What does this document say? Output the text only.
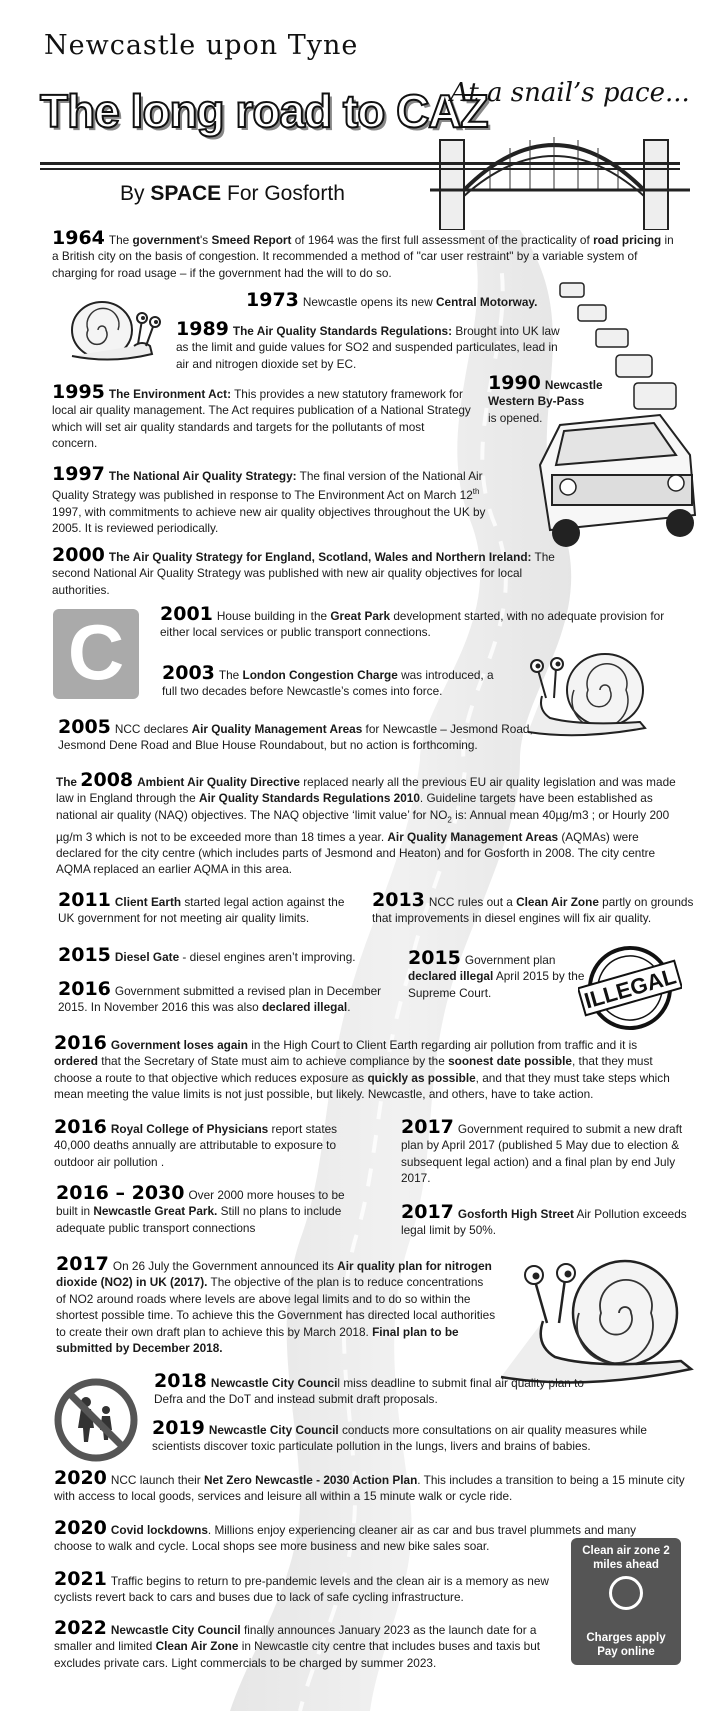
Newcastle upon Tyne
The long road to CAZ
At a snail’s pace...
By SPACE For Gosforth
1964 The government's Smeed Report of 1964 was the first full assessment of the practicality of road pricing in a British city on the basis of congestion. It recommended a method of "car user restraint" by a variable system of charging for road usage – if the government had the will to do so.
1973 Newcastle opens its new Central Motorway.
1989 The Air Quality Standards Regulations: Brought into UK law as the limit and guide values for SO2 and suspended particulates, lead in air and nitrogen dioxide set by EC.
1990 Newcastle Western By-Pass
is opened.
1995 The Environment Act: This provides a new statutory framework for local air quality management. The Act requires publication of a National Strategy which will set air quality standards and targets for the pollutants of most concern.
1997 The National Air Quality Strategy: The final version of the National Air Quality Strategy was published in response to The Environment Act on March 12th 1997, with commitments to achieve new air quality objectives throughout the UK by 2005. It is reviewed periodically.
2000 The Air Quality Strategy for England, Scotland, Wales and Northern Ireland: The second National Air Quality Strategy was published with new air quality objectives for local authorities.
C	2001 House building in the Great Park development started, with no adequate provision for either local services or public transport connections.
2003 The London Congestion Charge was introduced, a full two decades before Newcastle’s comes into force.
2005 NCC declares Air Quality Management Areas for Newcastle – Jesmond Road, Jesmond Dene Road and Blue House Roundabout, but no action is forthcoming.
The 2008 Ambient Air Quality Directive replaced nearly all the previous EU air quality legislation and was made law in England through the Air Quality Standards Regulations 2010. Guideline targets have been established as national air quality (NAQ) objectives. The NAQ objective ‘limit value’ for $NO_2$ is: Annual mean 40µg/m3 ; or Hourly 200 µg/m 3 which is not to be exceeded more than 18 times a year. Air Quality Management Areas (AQMAs) were declared for the city centre (which includes parts of Jesmond and Heaton) and for Gosforth in 2008. The city centre AQMA replaced an earlier AQMA in this area.
2011 Client Earth started legal action against the UK government for not meeting air quality limits.
2013 NCC rules out a Clean Air Zone partly on grounds that improvements in diesel engines will fix air quality.
2015 Diesel Gate - diesel engines aren’t improving.	2015 Government plan declared illegal April 2015 by the Supreme Court.	ILLEGAL
2016 Government submitted a revised plan in December 2015. In November 2016 this was also declared illegal.
2016 Government loses again in the High Court to Client Earth regarding air pollution from traffic and it is ordered that the Secretary of State must aim to achieve compliance by the soonest date possible, that they must choose a route to that objective which reduces exposure as quickly as possible, and that they must take steps which mean meeting the value limits is not just possible, but likely. Newcastle, and others, have to take action.
2016 Royal College of Physicians report states 40,000 deaths annually are attributable to exposure to outdoor air pollution .
2017 Government required to submit a new draft plan by April 2017 (published 5 May due to election & subsequent legal action) and a final plan by end July 2017.
2016 – 2030 Over 2000 more houses to be built in Newcastle Great Park. Still no plans to include adequate public transport connections
2017 Gosforth High Street Air Pollution exceeds legal limit by 50%.
2017 On 26 July the Government announced its Air quality plan for nitrogen dioxide (NO2) in UK (2017). The objective of the plan is to reduce concentrations of NO2 around roads where levels are above legal limits and to do so within the shortest possible time. To achieve this the Government has directed local authorities to create their own draft plan to achieve this by March 2018. Final plan to be submitted by December 2018.
2018 Newcastle City Council miss deadline to submit final air quality plan to Defra and the DoT and instead submit draft proposals.
2019 Newcastle City Council conducts more consultations on air quality measures while scientists discover toxic particulate pollution in the lungs, livers and brains of babies.
2020 NCC launch their Net Zero Newcastle - 2030 Action Plan. This includes a transition to being a 15 minute city with access to local goods, services and leisure all within a 15 minute walk or cycle ride.
2020 Covid lockdowns. Millions enjoy experiencing cleaner air as car and bus travel plummets and many choose to walk and cycle. Local shops see more business and new bike sales soar.
2021 Traffic begins to return to pre-pandemic levels and the clean air is a memory as new cyclists revert back to cars and buses due to lack of safe cycling infrastructure.
2022 Newcastle City Council finally announces January 2023 as the launch date for a smaller and limited Clean Air Zone in Newcastle city centre that includes buses and taxis but excludes private cars. Light commercials to be charged by summer 2023.
Clean air zone 2 miles ahead
Charges apply Pay online
